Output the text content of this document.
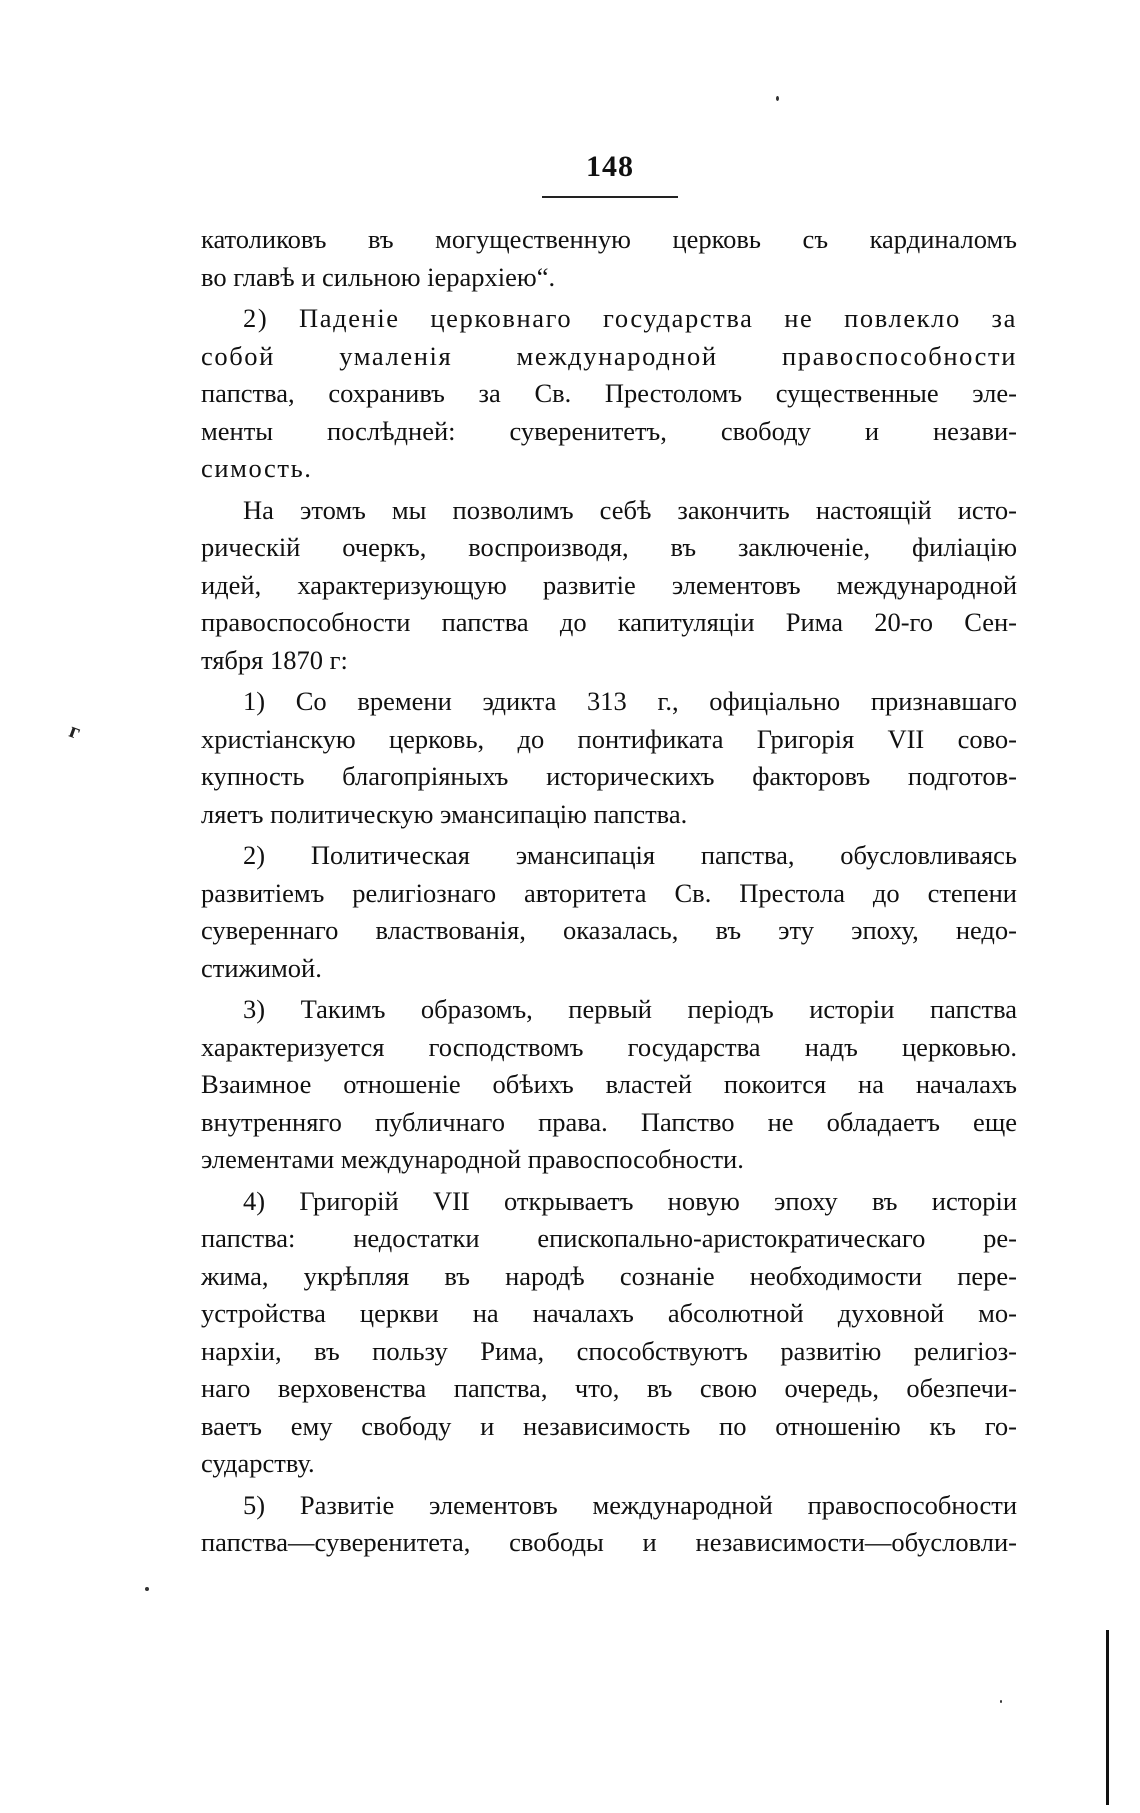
148
г
католиковъ въ могущественную церковь съ кардиналомъ
во главѣ и сильною іерархіею“.
2) Паденіе церковнаго государства не повлекло за
собой умаленія международной правоспособности
папства, сохранивъ за Св. Престоломъ существенные эле-
менты послѣдней: суверенитетъ, свободу и незави-
симость.
На этомъ мы позволимъ себѣ закончить настоящій исто-
рическій очеркъ, воспроизводя, въ заключеніе, филіацію
идей, характеризующую развитіе элементовъ международной
правоспособности папства до капитуляціи Рима 20-го Сен-
тября 1870 г:
1) Со времени эдикта 313 г., офиціально признавшаго
христіанскую церковь, до понтификата Григорія VII сово-
купность благопріяныхъ историческихъ факторовъ подготов-
ляетъ политическую эмансипацію папства.
2) Политическая эмансипація папства, обусловливаясь
развитіемъ религіознаго авторитета Св. Престола до степени
сувереннаго властвованія, оказалась, въ эту эпоху, недо-
стижимой.
3) Такимъ образомъ, первый періодъ исторіи папства
характеризуется господствомъ государства надъ церковью.
Взаимное отношеніе обѣихъ властей покоится на началахъ
внутренняго публичнаго права. Папство не обладаетъ еще
элементами международной правоспособности.
4) Григорій VII открываетъ новую эпоху въ исторіи
папства: недостатки епископально-аристократическаго ре-
жима, укрѣпляя въ народѣ сознаніе необходимости пере-
устройства церкви на началахъ абсолютной духовной мо-
нархіи, въ пользу Рима, способствуютъ развитію религіоз-
наго верховенства папства, что, въ свою очередь, обезпечи-
ваетъ ему свободу и независимость по отношенію къ го-
сударству.
5) Развитіе элементовъ международной правоспособности
папства—суверенитета, свободы и независимости—обусловли-
